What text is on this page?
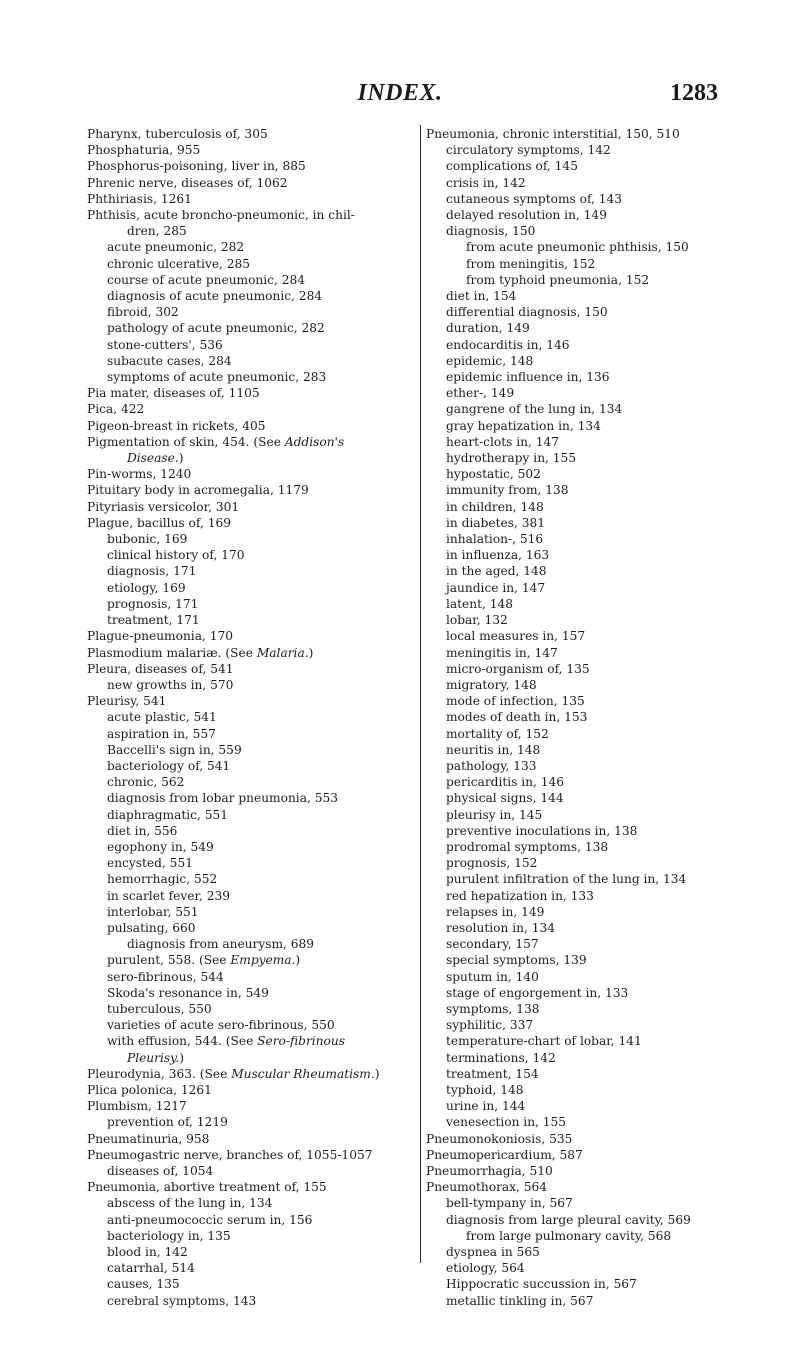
INDEX.	1283
Pharynx, tuberculosis of, 305
Phosphaturia, 955
Phosphorus-poisoning, liver in, 885
Phrenic nerve, diseases of, 1062
Phthiriasis, 1261
Phthisis, acute broncho-pneumonic, in chil-
dren, 285
acute pneumonic, 282
chronic ulcerative, 285
course of acute pneumonic, 284
diagnosis of acute pneumonic, 284
fibroid, 302
pathology of acute pneumonic, 282
stone-cutters', 536
subacute cases, 284
symptoms of acute pneumonic, 283
Pia mater, diseases of, 1105
Pica, 422
Pigeon-breast in rickets, 405
Pigmentation of skin, 454. (See Addison's
Disease.)
Pin-worms, 1240
Pituitary body in acromegalia, 1179
Pityriasis versicolor, 301
Plague, bacillus of, 169
bubonic, 169
clinical history of, 170
diagnosis, 171
etiology, 169
prognosis, 171
treatment, 171
Plague-pneumonia, 170
Plasmodium malariæ. (See Malaria.)
Pleura, diseases of, 541
new growths in, 570
Pleurisy, 541
acute plastic, 541
aspiration in, 557
Baccelli's sign in, 559
bacteriology of, 541
chronic, 562
diagnosis from lobar pneumonia, 553
diaphragmatic, 551
diet in, 556
egophony in, 549
encysted, 551
hemorrhagic, 552
in scarlet fever, 239
interlobar, 551
pulsating, 660
diagnosis from aneurysm, 689
purulent, 558. (See Empyema.)
sero-fibrinous, 544
Skoda's resonance in, 549
tuberculous, 550
varieties of acute sero-fibrinous, 550
with effusion, 544. (See Sero-fibrinous
Pleurisy.)
Pleurodynia, 363. (See Muscular Rheumatism.)
Plica polonica, 1261
Plumbism, 1217
prevention of, 1219
Pneumatinuria, 958
Pneumogastric nerve, branches of, 1055-1057
diseases of, 1054
Pneumonia, abortive treatment of, 155
abscess of the lung in, 134
anti-pneumococcic serum in, 156
bacteriology in, 135
blood in, 142
catarrhal, 514
causes, 135
cerebral symptoms, 143
Pneumonia, chronic interstitial, 150, 510
circulatory symptoms, 142
complications of, 145
crisis in, 142
cutaneous symptoms of, 143
delayed resolution in, 149
diagnosis, 150
from acute pneumonic phthisis, 150
from meningitis, 152
from typhoid pneumonia, 152
diet in, 154
differential diagnosis, 150
duration, 149
endocarditis in, 146
epidemic, 148
epidemic influence in, 136
ether-, 149
gangrene of the lung in, 134
gray hepatization in, 134
heart-clots in, 147
hydrotherapy in, 155
hypostatic, 502
immunity from, 138
in children, 148
in diabetes, 381
inhalation-, 516
in influenza, 163
in the aged, 148
jaundice in, 147
latent, 148
lobar, 132
local measures in, 157
meningitis in, 147
micro-organism of, 135
migratory, 148
mode of infection, 135
modes of death in, 153
mortality of, 152
neuritis in, 148
pathology, 133
pericarditis in, 146
physical signs, 144
pleurisy in, 145
preventive inoculations in, 138
prodromal symptoms, 138
prognosis, 152
purulent infiltration of the lung in, 134
red hepatization in, 133
relapses in, 149
resolution in, 134
secondary, 157
special symptoms, 139
sputum in, 140
stage of engorgement in, 133
symptoms, 138
syphilitic, 337
temperature-chart of lobar, 141
terminations, 142
treatment, 154
typhoid, 148
urine in, 144
venesection in, 155
Pneumonokoniosis, 535
Pneumopericardium, 587
Pneumorrhagia, 510
Pneumothorax, 564
bell-tympany in, 567
diagnosis from large pleural cavity, 569
from large pulmonary cavity, 568
dyspnea in 565
etiology, 564
Hippocratic succussion in, 567
metallic tinkling in, 567
